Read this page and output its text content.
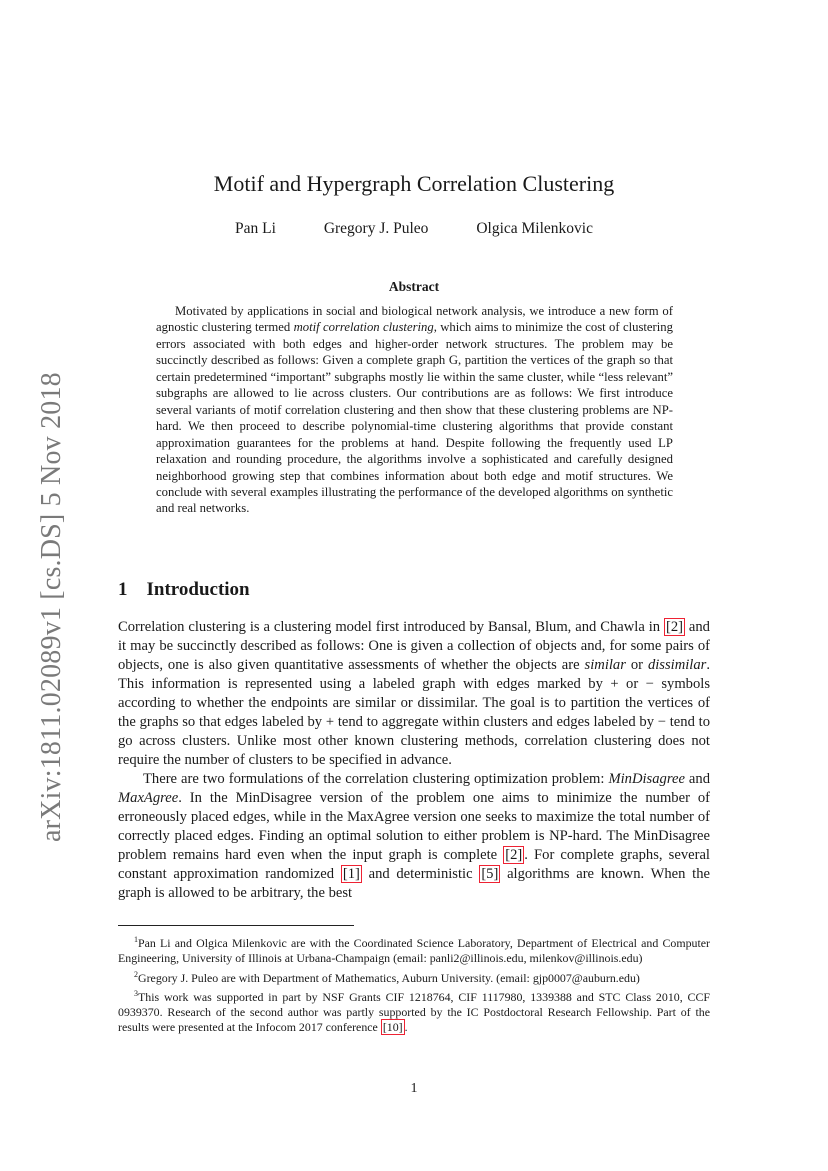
arXiv:1811.02089v1 [cs.DS] 5 Nov 2018
Motif and Hypergraph Correlation Clustering
Pan Li	Gregory J. Puleo	Olgica Milenkovic
Abstract

Motivated by applications in social and biological network analysis, we introduce a new form of agnostic clustering termed motif correlation clustering, which aims to minimize the cost of clustering errors associated with both edges and higher-order network structures. The problem may be succinctly described as follows: Given a complete graph G, partition the vertices of the graph so that certain predetermined “important” subgraphs mostly lie within the same cluster, while “less relevant” subgraphs are allowed to lie across clusters. Our contributions are as follows: We first introduce several variants of motif correlation clustering and then show that these clustering problems are NP-hard. We then proceed to describe polynomial-time clustering algorithms that provide constant approximation guarantees for the problems at hand. Despite following the frequently used LP relaxation and rounding procedure, the algorithms involve a sophisticated and carefully designed neighborhood growing step that combines information about both edge and motif structures. We conclude with several examples illustrating the performance of the developed algorithms on synthetic and real networks.

1 Introduction

Correlation clustering is a clustering model first introduced by Bansal, Blum, and Chawla in [2] and it may be succinctly described as follows: One is given a collection of objects and, for some pairs of objects, one is also given quantitative assessments of whether the objects are similar or dissimilar. This information is represented using a labeled graph with edges marked by + or − symbols according to whether the endpoints are similar or dissimilar. The goal is to partition the vertices of the graphs so that edges labeled by + tend to aggregate within clusters and edges labeled by − tend to go across clusters. Unlike most other known clustering methods, correlation clustering does not require the number of clusters to be specified in advance.

There are two formulations of the correlation clustering optimization problem: MinDisagree and MaxAgree. In the MinDisagree version of the problem one aims to minimize the number of erroneously placed edges, while in the MaxAgree version one seeks to maximize the total number of correctly placed edges. Finding an optimal solution to either problem is NP-hard. The MinDisagree problem remains hard even when the input graph is complete [2] . For complete graphs, several constant approximation randomized [1] and deterministic [5] algorithms are known. When the graph is allowed to be arbitrary, the best

$^1$Pan Li and Olgica Milenkovic are with the Coordinated Science Laboratory, Department of Electrical and Computer Engineering, University of Illinois at Urbana-Champaign (email: panli2@illinois.edu, milenkov@illinois.edu)

$^2$Gregory J. Puleo are with Department of Mathematics, Auburn University. (email: gjp0007@auburn.edu)

$^3$This work was supported in part by NSF Grants CIF 1218764, CIF 1117980, 1339388 and STC Class 2010, CCF 0939370. Research of the second author was partly supported by the IC Postdoctoral Research Fellowship. Part of the results were presented at the Infocom 2017 conference [10] .

1
